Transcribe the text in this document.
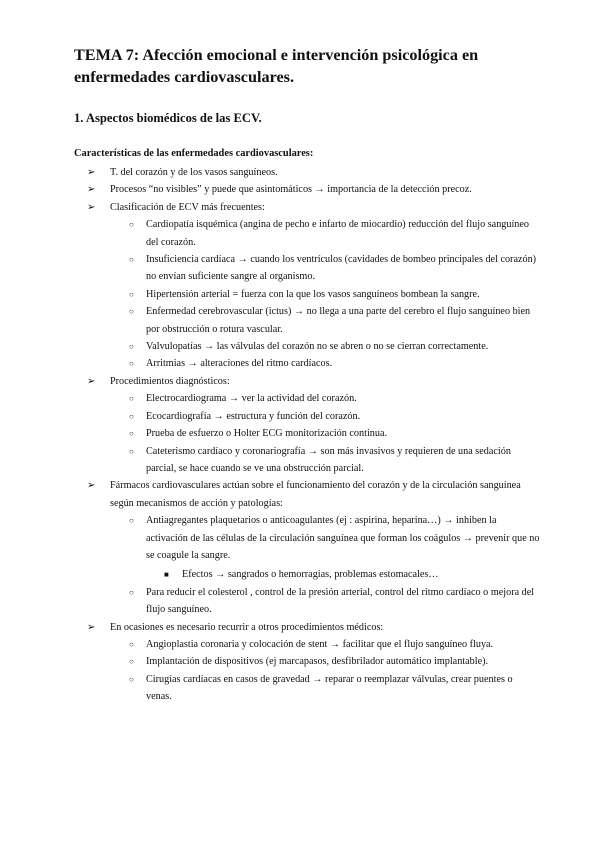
TEMA 7: Afección emocional e intervención psicológica en enfermedades cardiovasculares.
1. Aspectos biomédicos de las ECV.
Características de las enfermedades cardiovasculares:
➢ T. del corazón y de los vasos sanguíneos.
➢ Procesos “no visibles” y puede que asintomáticos → importancia de la detección precoz.
➢ Clasificación de ECV más frecuentes:
○ Cardiopatía isquémica (angina de pecho e infarto de miocardio) reducción del flujo sanguíneo del corazón.
○ Insuficiencia cardíaca → cuando los ventrículos (cavidades de bombeo principales del corazón) no envían suficiente sangre al organismo.
○ Hipertensión arterial = fuerza con la que los vasos sanguíneos bombean la sangre.
○ Enfermedad cerebrovascular (ictus) → no llega a una parte del cerebro el flujo sanguíneo bien por obstrucción o rotura vascular.
○ Valvulopatías → las válvulas del corazón no se abren o no se cierran correctamente.
○ Arritmias → alteraciones del ritmo cardíacos.
➢ Procedimientos diagnósticos:
○ Electrocardiograma → ver la actividad del corazón.
○ Ecocardiografía → estructura y función del corazón.
○ Prueba de esfuerzo o Holter ECG monitorización continua.
○ Cateterismo cardíaco y coronariografía → son más invasivos y requieren de una sedación parcial, se hace cuando se ve una obstrucción parcial.
➢ Fármacos cardiovasculares actúan sobre el funcionamiento del corazón y de la circulación sanguínea según mecanismos de acción y patologías:
○ Antiagregantes plaquetarios o anticoagulantes (ej : aspirina, heparina…) → inhiben la activación de las células de la circulación sanguínea que forman los coágulos → prevenir que no se coagule la sangre.
■ Efectos → sangrados o hemorragias, problemas estomacales…
○ Para reducir el colesterol , control de la presión arterial, control del ritmo cardíaco o mejora del flujo sanguíneo.
➢ En ocasiones es necesario recurrir a otros procedimientos médicos:
○ Angioplastia coronaria y colocación de stent → facilitar que el flujo sanguíneo fluya.
○ Implantación de dispositivos (ej marcapasos, desfibrilador automático implantable).
○ Cirugías cardíacas en casos de gravedad → reparar o reemplazar válvulas, crear puentes o venas.
